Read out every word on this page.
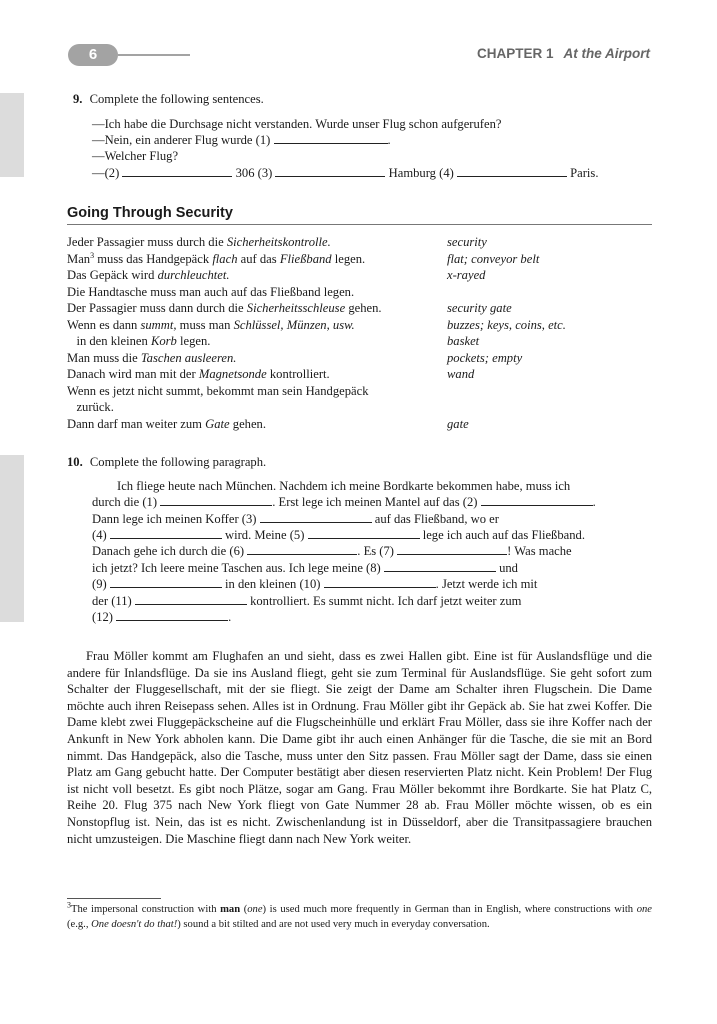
6	CHAPTER 1 At the Airport
9. Complete the following sentences.
—Ich habe die Durchsage nicht verstanden. Wurde unser Flug schon aufgerufen?
—Nein, ein anderer Flug wurde (1)	.
—Welcher Flug?
—(2)	306 (3)	Hamburg (4)	Paris.
Going Through Security
Jeder Passagier muss durch die Sicherheitskontrolle.	security
Man$^3$ muss das Handgepäck flach auf das Fließband legen.	flat; conveyor belt
Das Gepäck wird durchleuchtet.	x-rayed
Die Handtasche muss man auch auf das Fließband legen.
Der Passagier muss dann durch die Sicherheitsschleuse gehen.	security gate
Wenn es dann summt, muss man Schlüssel, Münzen, usw.	buzzes; keys, coins, etc.
in den kleinen Korb legen.	basket
Man muss die Taschen ausleeren.	pockets; empty
Danach wird man mit der Magnetsonde kontrolliert.	wand
Wenn es jetzt nicht summt, bekommt man sein Handgepäck
zurück.
Dann darf man weiter zum Gate gehen.	gate
10. Complete the following paragraph.
Ich fliege heute nach München. Nachdem ich meine Bordkarte bekommen habe, muss ich
durch die (1)	. Erst lege ich meinen Mantel auf das (2)	.
Dann lege ich meinen Koffer (3)	auf das Fließband, wo er
(4)	wird. Meine (5)	lege ich auch auf das Fließband.
Danach gehe ich durch die (6)	. Es (7)	! Was mache
ich jetzt? Ich leere meine Taschen aus. Ich lege meine (8)	und
(9)	in den kleinen (10)	. Jetzt werde ich mit
der (11)	kontrolliert. Es summt nicht. Ich darf jetzt weiter zum
(12)	.
Frau Möller kommt am Flughafen an und sieht, dass es zwei Hallen gibt. Eine ist für Auslandsflüge und die andere für Inlandsflüge. Da sie ins Ausland fliegt, geht sie zum Terminal für Auslandsflüge. Sie geht sofort zum Schalter der Fluggesellschaft, mit der sie fliegt. Sie zeigt der Dame am Schalter ihren Flugschein. Die Dame möchte auch ihren Reisepass sehen. Alles ist in Ordnung. Frau Möller gibt ihr Gepäck ab. Sie hat zwei Koffer. Die Dame klebt zwei Fluggepäckscheine auf die Flugscheinhülle und erklärt Frau Möller, dass sie ihre Koffer nach der Ankunft in New York abholen kann. Die Dame gibt ihr auch einen Anhänger für die Tasche, die sie mit an Bord nimmt. Das Handgepäck, also die Tasche, muss unter den Sitz passen. Frau Möller sagt der Dame, dass sie einen Platz am Gang gebucht hatte. Der Computer bestätigt aber diesen reservierten Platz nicht. Kein Problem! Der Flug ist nicht voll besetzt. Es gibt noch Plätze, sogar am Gang. Frau Möller bekommt ihre Bordkarte. Sie hat Platz C, Reihe 20. Flug 375 nach New York fliegt von Gate Nummer 28 ab. Frau Möller möchte wissen, ob es ein Nonstopflug ist. Nein, das ist es nicht. Zwischenlandung ist in Düsseldorf, aber die Transitpassagiere brauchen nicht umzusteigen. Die Maschine fliegt dann nach New York weiter.
$^3$The impersonal construction with man (one) is used much more frequently in German than in English, where constructions with one (e.g., One doesn't do that!) sound a bit stilted and are not used very much in everyday conversation.
